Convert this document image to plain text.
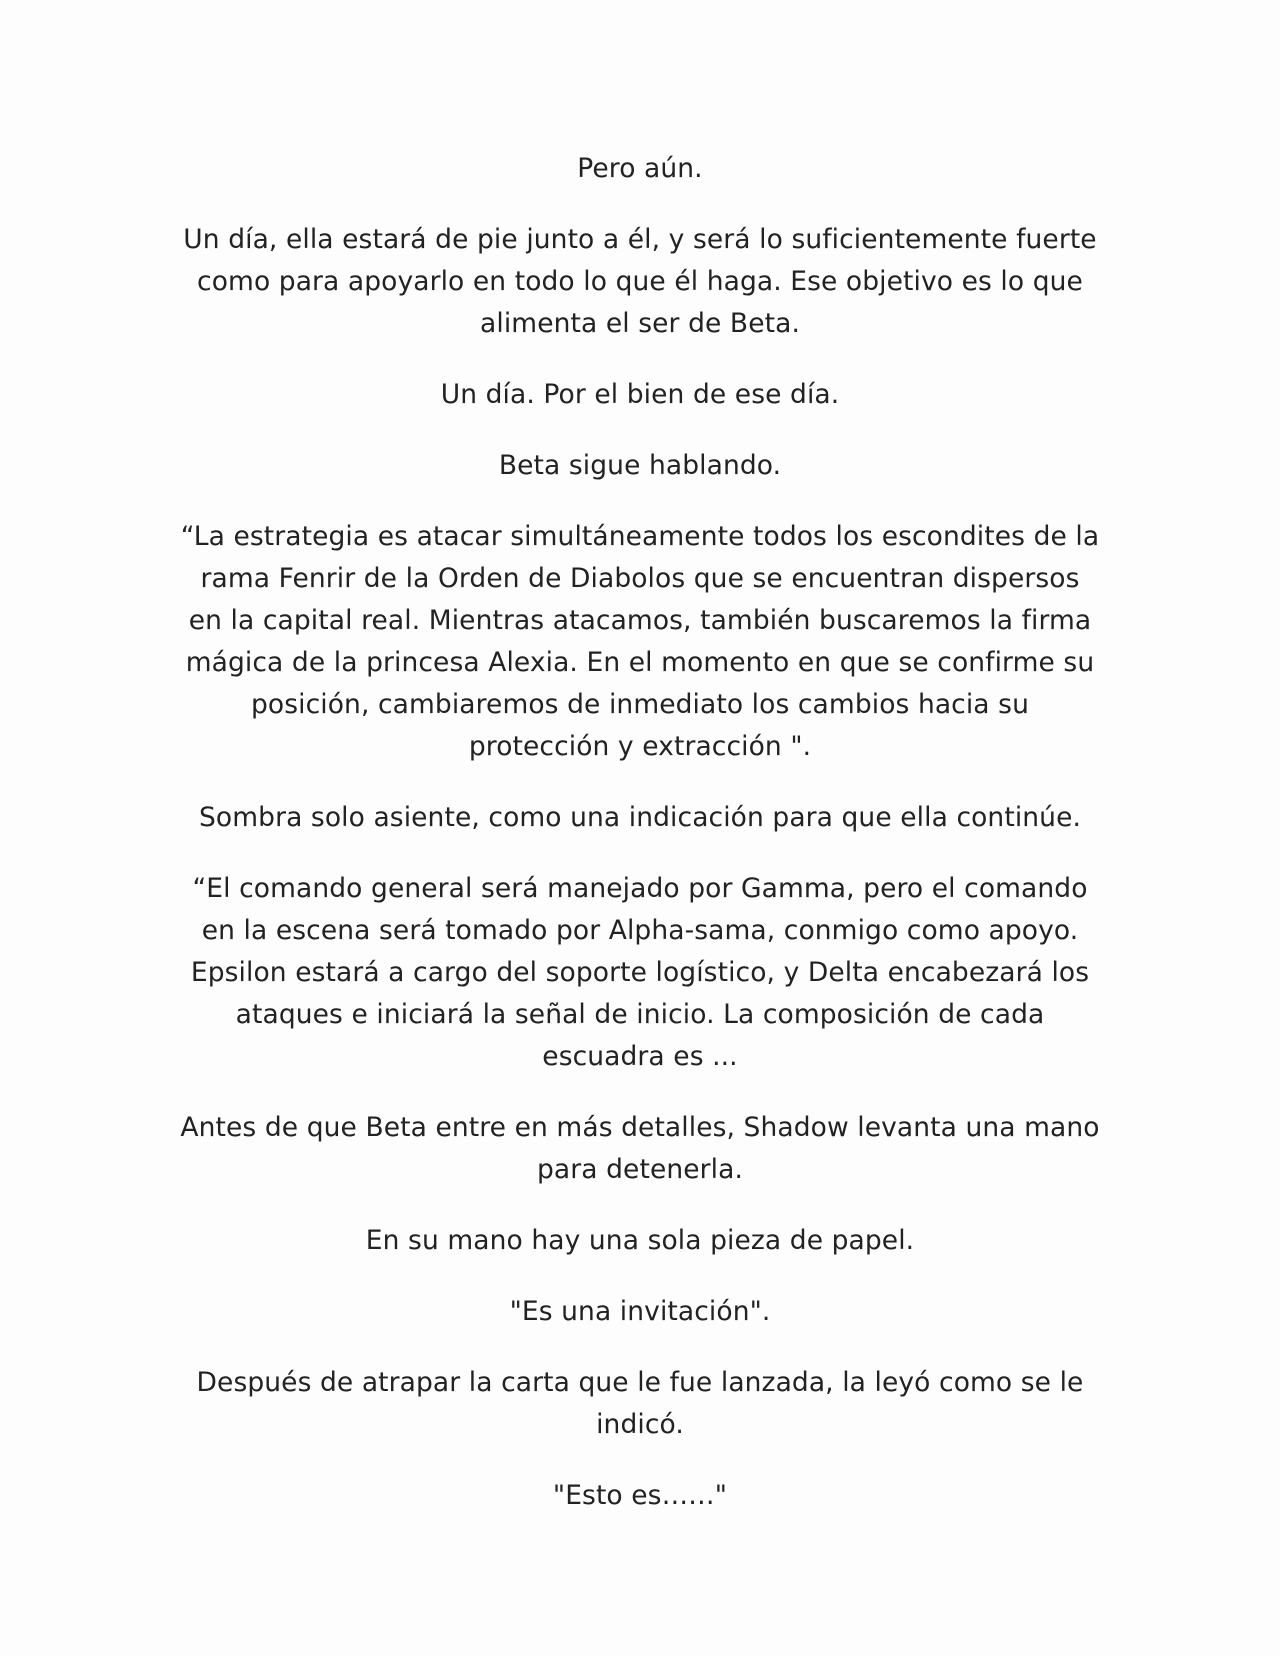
Pero aún.

Un día, ella estará de pie junto a él, y será lo suficientemente fuerte como para apoyarlo en todo lo que él haga. Ese objetivo es lo que alimenta el ser de Beta.

Un día. Por el bien de ese día.

Beta sigue hablando.

“La estrategia es atacar simultáneamente todos los escondites de la rama Fenrir de la Orden de Diabolos que se encuentran dispersos en la capital real. Mientras atacamos, también buscaremos la firma mágica de la princesa Alexia. En el momento en que se confirme su posición, cambiaremos de inmediato los cambios hacia su protección y extracción ".

Sombra solo asiente, como una indicación para que ella continúe.

“El comando general será manejado por Gamma, pero el comando en la escena será tomado por Alpha-sama, conmigo como apoyo. Epsilon estará a cargo del soporte logístico, y Delta encabezará los ataques e iniciará la señal de inicio. La composición de cada escuadra es ...

Antes de que Beta entre en más detalles, Shadow levanta una mano para detenerla.

En su mano hay una sola pieza de papel.

"Es una invitación".

Después de atrapar la carta que le fue lanzada, la leyó como se le indicó.

"Esto es……"
